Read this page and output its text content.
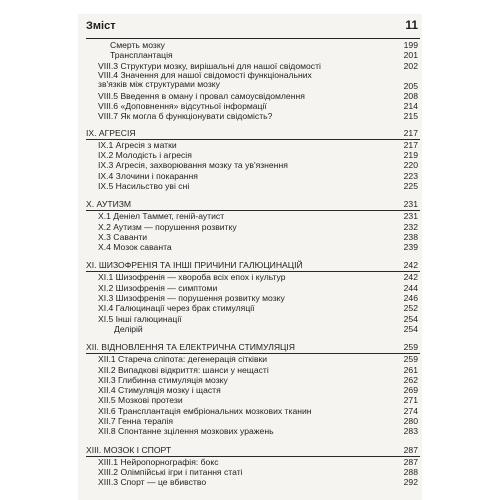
Зміст	11
Смерть мозку	199
Трансплантація	201
VIII.3 Структури мозку, вирішальні для нашої свідомості	202
VIII.4 Значення для нашої свідомості функціональних зв'язків між структурами мозку	205
VIII.5 Введення в оману і провал самоусвідомлення	208
VIII.6 «Доповнення» відсутньої інформації	214
VIII.7 Як могла б функціонувати свідомість?	215
IX. АГРЕСІЯ	217
IX.1 Агресія з матки	217
IX.2 Молодість і агресія	219
IX.3 Агресія, захворювання мозку та ув'язнення	220
IX.4 Злочини і покарання	223
IX.5 Насильство уві сні	225
X. АУТИЗМ	231
X.1 Деніел Таммет, геній-аутист	231
X.2 Аутизм — порушення розвитку	232
X.3 Саванти	238
X.4 Мозок саванта	239
XI. ШИЗОФРЕНІЯ ТА ІНШІ ПРИЧИНИ ГАЛЮЦИНАЦІЙ	242
XI.1 Шизофренія — хвороба всіх епох і культур	242
XI.2 Шизофренія — симптоми	244
XI.3 Шизофренія — порушення розвитку мозку	246
XI.4 Галюцинації через брак стимуляції	252
XI.5 Інші галюцинації	254
Делірій	254
XII. ВІДНОВЛЕННЯ ТА ЕЛЕКТРИЧНА СТИМУЛЯЦІЯ	259
XII.1 Стареча сліпота: дегенерація сітківки	259
XII.2 Випадкові відкриття: шанси у нещасті	261
XII.3 Глибинна стимуляція мозку	262
XII.4 Стимуляція мозку і щастя	269
XII.5 Мозкові протези	271
XII.6 Трансплантація ембріональних мозкових тканин	274
XII.7 Генна терапія	280
XII.8 Спонтанне зцілення мозкових уражень	283
XIII. МОЗОК І СПОРТ	287
XIII.1 Нейропорнографія: бокс	287
XIII.2 Олімпійські ігри і питання статі	288
XIII.3 Спорт — це вбивство	292
